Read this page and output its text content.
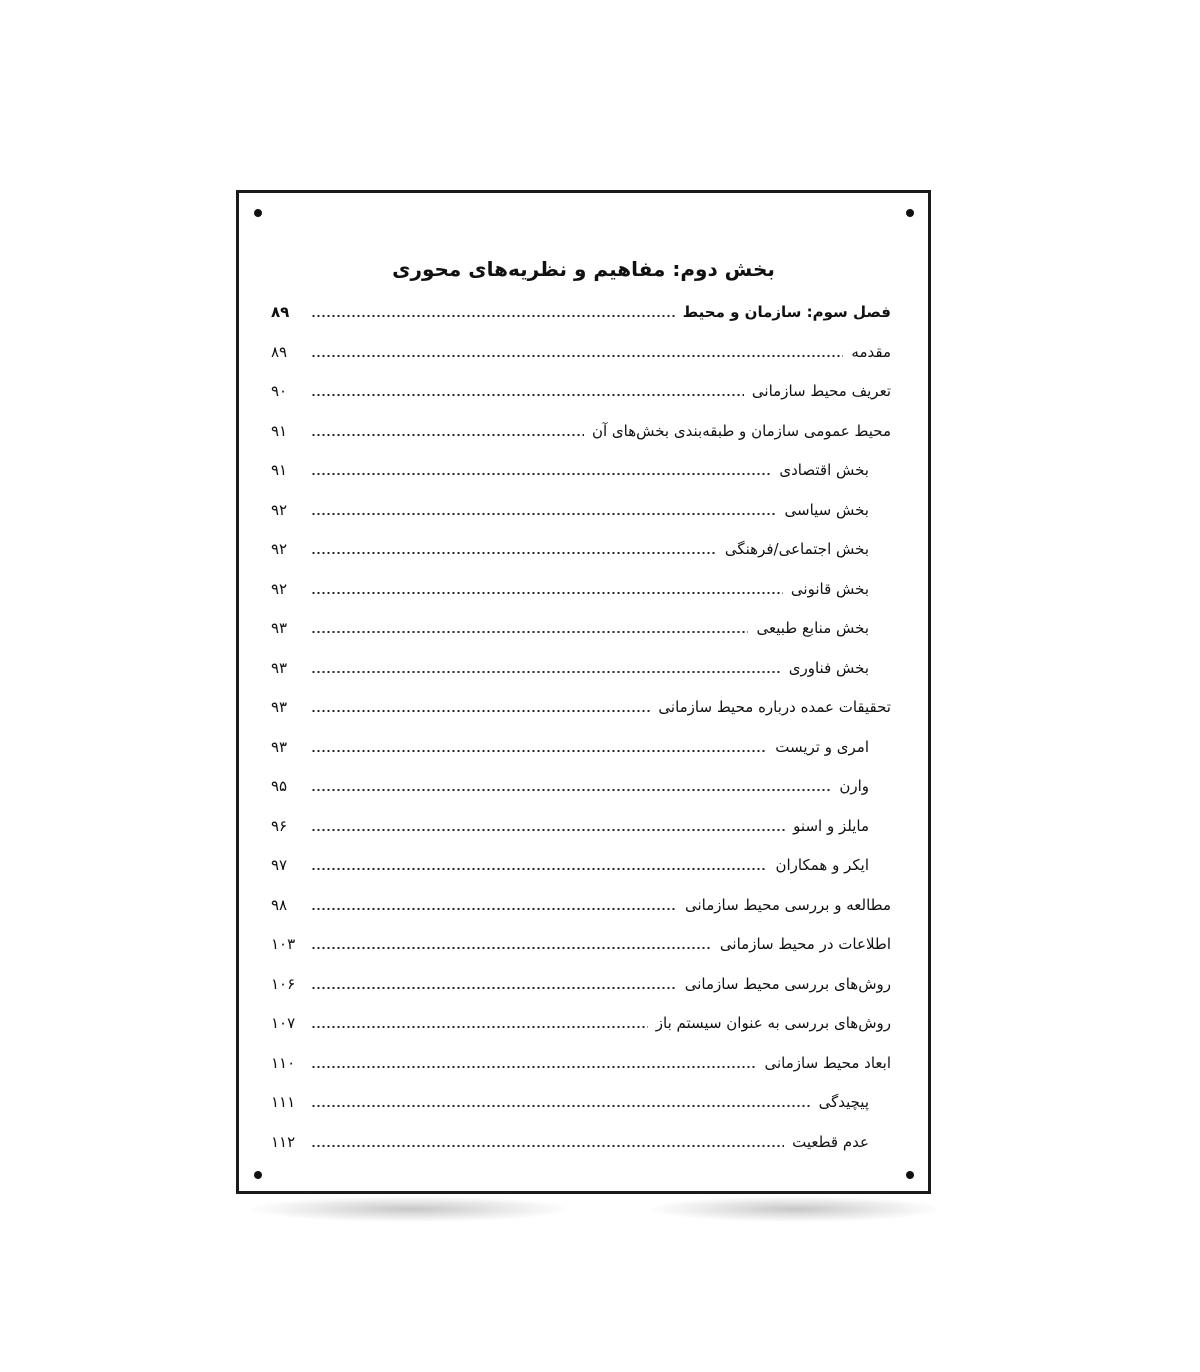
بخش دوم: مفاهیم و نظریه‌های محوری
فصل سوم: سازمان و محیط
۸۹
مقدمه
۸۹
تعریف محیط سازمانی
۹۰
محیط عمومی سازمان و طبقه‌بندی بخش‌های آن
۹۱
بخش اقتصادی
۹۱
بخش سیاسی
۹۲
بخش اجتماعی/فرهنگی
۹۲
بخش قانونی
۹۲
بخش منابع طبیعی
۹۳
بخش فناوری
۹۳
تحقیقات عمده درباره محیط سازمانی
۹۳
امری و تریست
۹۳
وارن
۹۵
مایلز و اسنو
۹۶
ایکر و همکاران
۹۷
مطالعه و بررسی محیط سازمانی
۹۸
اطلاعات در محیط سازمانی
۱۰۳
روش‌های بررسی محیط سازمانی
۱۰۶
روش‌های بررسی به عنوان سیستم باز
۱۰۷
ابعاد محیط سازمانی
۱۱۰
پیچیدگی
۱۱۱
عدم قطعیت
۱۱۲
